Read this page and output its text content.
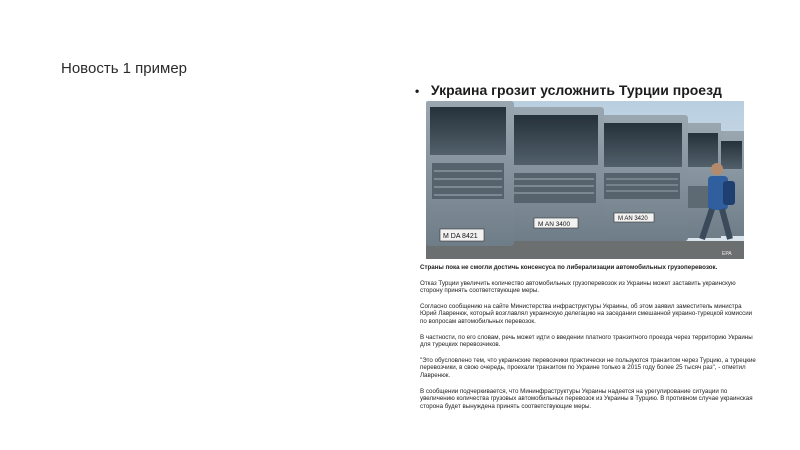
Новость 1 пример
• Украина грозит усложнить Турции проезд
M AN 3420
M AN 3400
M DA 8421
EPA

Страны пока не смогли достичь консенсуса по либерализации автомобильных грузоперевозок.

Отказ Турции увеличить количество автомобильных грузоперевозок из Украины может заставить украинскую сторону принять соответствующие меры.

Согласно сообщению на сайте Министерства инфраструктуры Украины, об этом заявил заместитель министра Юрий Лавренюк, который возглавлял украинскую делегацию на заседании смешанной украино-турецкой комиссии по вопросам автомобильных перевозок.

В частности, по его словам, речь может идти о введении платного транзитного проезда через территорию Украины для турецких перевозчиков.

"Это обусловлено тем, что украинские перевозчики практически не пользуются транзитом через Турцию, а турецкие перевозчики, в свою очередь, проехали транзитом по Украине только в 2015 году более 25 тысяч раз", - отметил Лавренюк.

В сообщении подчеркивается, что Мининфраструктуры Украины надеется на урегулирование ситуации по увеличению количества грузовых автомобильных перевозок из Украины в Турцию. В противном случае украинская сторона будет вынуждена принять соответствующие меры.
